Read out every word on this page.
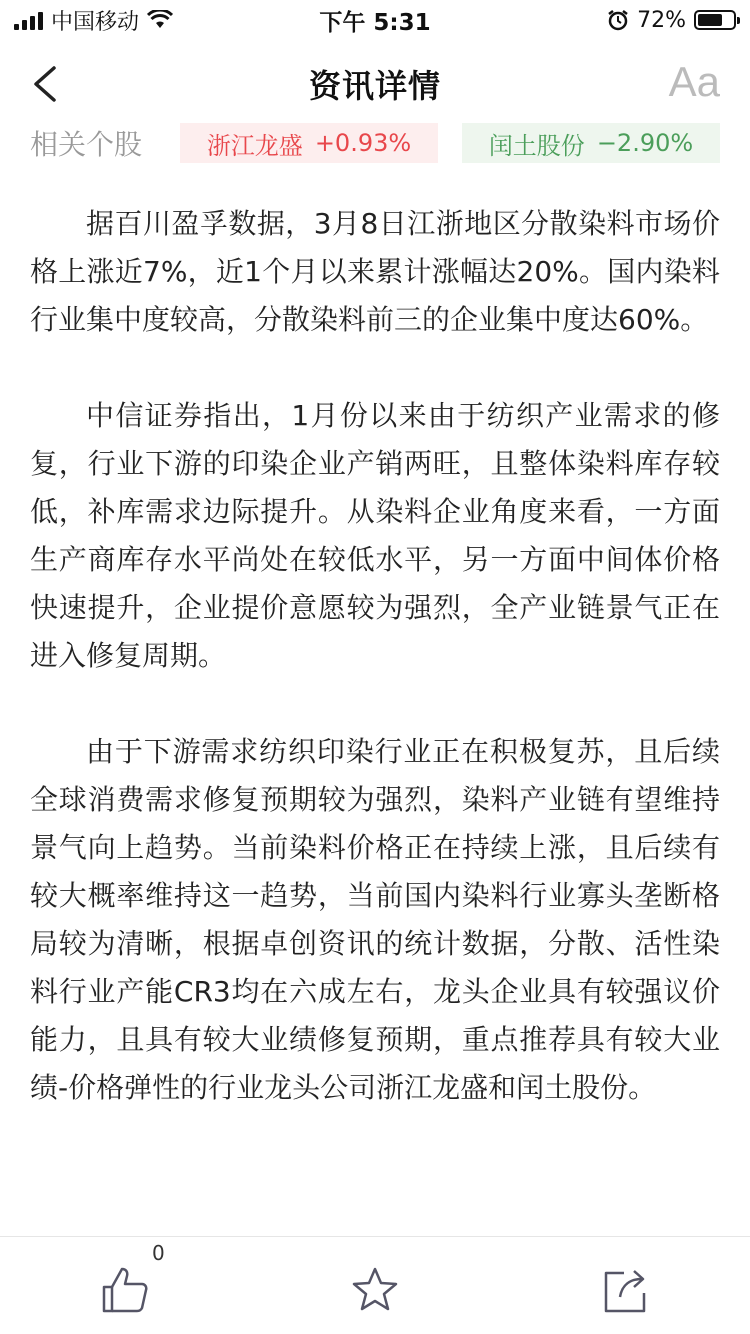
中国移动	下午 5:31	72%
资讯详情	Aa
相关个股	浙江龙盛 +0.93%	闰土股份 −2.90%

据百川盈孚数据，3月8日江浙地区分散染料市场价格上涨近7%，近1个月以来累计涨幅达20%。国内染料行业集中度较高，分散染料前三的企业集中度达60%。

中信证券指出，1月份以来由于纺织产业需求的修复，行业下游的印染企业产销两旺，且整体染料库存较低，补库需求边际提升。从染料企业角度来看，一方面生产商库存水平尚处在较低水平，另一方面中间体价格快速提升，企业提价意愿较为强烈，全产业链景气正在进入修复周期。

由于下游需求纺织印染行业正在积极复苏，且后续全球消费需求修复预期较为强烈，染料产业链有望维持景气向上趋势。当前染料价格正在持续上涨，且后续有较大概率维持这一趋势，当前国内染料行业寡头垄断格局较为清晰，根据卓创资讯的统计数据，分散、活性染料行业产能CR3均在六成左右，龙头企业具有较强议价能力，且具有较大业绩修复预期，重点推荐具有较大业绩-价格弹性的行业龙头公司浙江龙盛和闰土股份。

0
